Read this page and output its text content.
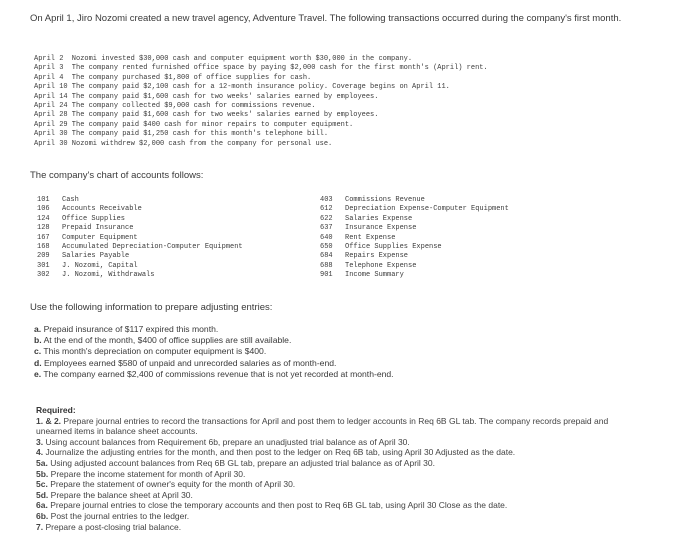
On April 1, Jiro Nozomi created a new travel agency, Adventure Travel. The following transactions occurred during the company's first month.
April 2  Nozomi invested $30,000 cash and computer equipment worth $30,000 in the company.
April 3  The company rented furnished office space by paying $2,000 cash for the first month's (April) rent.
April 4  The company purchased $1,800 of office supplies for cash.
April 10 The company paid $2,100 cash for a 12-month insurance policy. Coverage begins on April 11.
April 14 The company paid $1,600 cash for two weeks' salaries earned by employees.
April 24 The company collected $9,000 cash for commissions revenue.
April 28 The company paid $1,600 cash for two weeks' salaries earned by employees.
April 29 The company paid $400 cash for minor repairs to computer equipment.
April 30 The company paid $1,250 cash for this month's telephone bill.
April 30 Nozomi withdrew $2,000 cash from the company for personal use.
The company's chart of accounts follows:
101	Cash
106	Accounts Receivable
124	Office Supplies
128	Prepaid Insurance
167	Computer Equipment
168	Accumulated Depreciation-Computer Equipment
209	Salaries Payable
301	J. Nozomi, Capital
302	J. Nozomi, Withdrawals
403	Commissions Revenue
612	Depreciation Expense-Computer Equipment
622	Salaries Expense
637	Insurance Expense
640	Rent Expense
650	Office Supplies Expense
684	Repairs Expense
688	Telephone Expense
901	Income Summary
Use the following information to prepare adjusting entries:
a. Prepaid insurance of $117 expired this month.
b. At the end of the month, $400 of office supplies are still available.
c. This month's depreciation on computer equipment is $400.
d. Employees earned $580 of unpaid and unrecorded salaries as of month-end.
e. The company earned $2,400 of commissions revenue that is not yet recorded at month-end.
Required:
1. & 2. Prepare journal entries to record the transactions for April and post them to ledger accounts in Req 6B GL tab. The company records prepaid and unearned items in balance sheet accounts.
3. Using account balances from Requirement 6b, prepare an unadjusted trial balance as of April 30.
4. Journalize the adjusting entries for the month, and then post to the ledger on Req 6B tab, using April 30 Adjusted as the date.
5a. Using adjusted account balances from Req 6B GL tab, prepare an adjusted trial balance as of April 30.
5b. Prepare the income statement for month of April 30.
5c. Prepare the statement of owner's equity for the month of April 30.
5d. Prepare the balance sheet at April 30.
6a. Prepare journal entries to close the temporary accounts and then post to Req 6B GL tab, using April 30 Close as the date.
6b. Post the journal entries to the ledger.
7. Prepare a post-closing trial balance.
